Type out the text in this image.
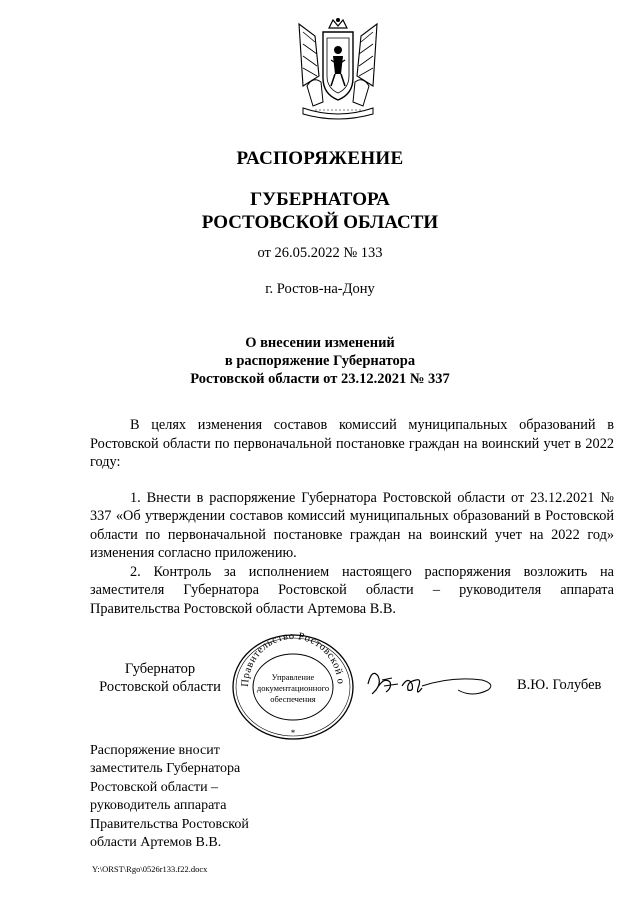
РАСПОРЯЖЕНИЕ
ГУБЕРНАТОРА
РОСТОВСКОЙ ОБЛАСТИ
от 26.05.2022 № 133
г. Ростов-на-Дону
О внесении изменений
в распоряжение Губернатора
Ростовской области от 23.12.2021 № 337

В целях изменения составов комиссий муниципальных образований в Ростовской области по первоначальной постановке граждан на воинский учет в 2022 году:

1. Внести в распоряжение Губернатора Ростовской области от 23.12.2021 № 337 «Об утверждении составов комиссий муниципальных образований в Ростовской области по первоначальной постановке граждан на воинский учет на 2022 год» изменения согласно приложению.

2. Контроль за исполнением настоящего распоряжения возложить на заместителя Губернатора Ростовской области – руководителя аппарата Правительства Ростовской области Артемова В.В.

Губернатор
Ростовской области	Правительство Ростовской о
Управление
документационного
обеспечения
*
В.Ю. Голубев
Распоряжение вносит
заместитель Губернатора
Ростовской области –
руководитель аппарата
Правительства Ростовской
области Артемов В.В.
Y:\ORST\Rgo\0526r133.f22.docx
